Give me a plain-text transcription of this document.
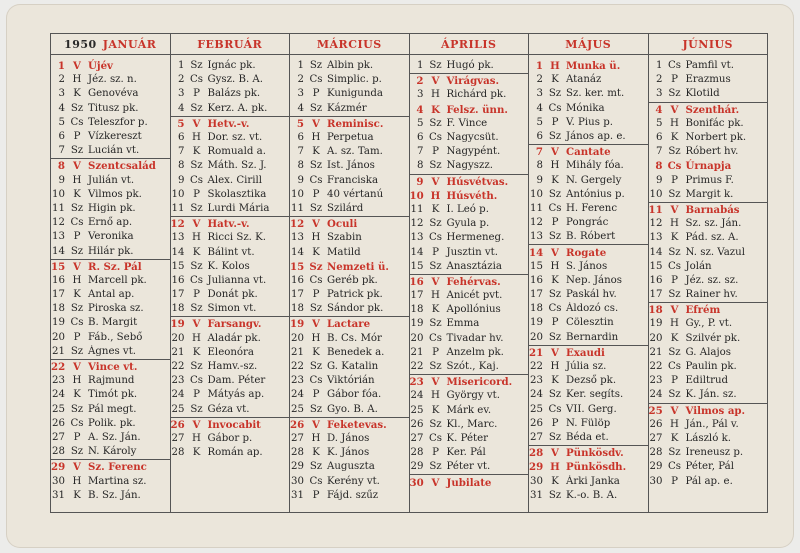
1950 JANUÁR
1 V Újév
2 H Jéz. sz. n.
3 K Genovéva
4 Sz Titusz pk.
5 Cs Teleszfor p.
6 P Vízkereszt
7 Sz Lucián vt.
8 V Szentcsalád
9 H Julián vt.
10 K Vilmos pk.
11 Sz Higin pk.
12 Cs Ernő ap.
13 P Veronika
14 Sz Hilár pk.
15 V R. Sz. Pál
16 H Marcell pk.
17 K Antal ap.
18 Sz Piroska sz.
19 Cs B. Margit
20 P Fáb., Sebő
21 Sz Ágnes vt.
22 V Vince vt.
23 H Rajmund
24 K Timót pk.
25 Sz Pál megt.
26 Cs Polik. pk.
27 P A. Sz. Ján.
28 Sz N. Károly
29 V Sz. Ferenc
30 H Martina sz.
31 K B. Sz. Ján.
FEBRUÁR
1 Sz Ignác pk.
2 Cs Gysz. B. A.
3 P Balázs pk.
4 Sz Kerz. A. pk.
5 V Hetv.-v.
6 H Dor. sz. vt.
7 K Romuald a.
8 Sz Máth. Sz. J.
9 Cs Alex. Cirill
10 P Skolasztika
11 Sz Lurdi Mária
12 V Hatv.-v.
13 H Ricci Sz. K.
14 K Bálint vt.
15 Sz K. Kolos
16 Cs Julianna vt.
17 P Donát pk.
18 Sz Simon vt.
19 V Farsangv.
20 H Aladár pk.
21 K Eleonóra
22 Sz Hamv.-sz.
23 Cs Dam. Péter
24 P Mátyás ap.
25 Sz Géza vt.
26 V Invocabit
27 H Gábor p.
28 K Román ap.
MÁRCIUS
1 Sz Albin pk.
2 Cs Simplic. p.
3 P Kunigunda
4 Sz Kázmér
5 V Reminisc.
6 H Perpetua
7 K A. sz. Tam.
8 Sz Ist. János
9 Cs Franciska
10 P 40 vértanú
11 Sz Szilárd
12 V Oculi
13 H Szabin
14 K Matild
15 Sz Nemzeti ü.
16 Cs Geréb pk.
17 P Patrick pk.
18 Sz Sándor pk.
19 V Lactare
20 H B. Cs. Mór
21 K Benedek a.
22 Sz G. Katalin
23 Cs Viktórián
24 P Gábor fóa.
25 Sz Gyo. B. A.
26 V Feketevas.
27 H D. János
28 K K. János
29 Sz Auguszta
30 Cs Kerény vt.
31 P Fájd. szűz
ÁPRILIS
1 Sz Hugó pk.
2 V Virágvas.
3 H Richárd pk.
4 K Felsz. ünn.
5 Sz F. Vince
6 Cs Nagycsüt.
7 P Nagypént.
8 Sz Nagyszz.
9 V Húsvétvas.
10 H Húsvéth.
11 K I. Leó p.
12 Sz Gyula p.
13 Cs Hermeneg.
14 P Jusztin vt.
15 Sz Anasztázia
16 V Fehérvas.
17 H Anicét pvt.
18 K Apollónius
19 Sz Emma
20 Cs Tivadar hv.
21 P Anzelm pk.
22 Sz Szót., Kaj.
23 V Misericord.
24 H György vt.
25 K Márk ev.
26 Sz Kl., Marc.
27 Cs K. Péter
28 P Ker. Pál
29 Sz Péter vt.
30 V Jubilate
MÁJUS
1 H Munka ü.
2 K Atanáz
3 Sz Sz. ker. mt.
4 Cs Mónika
5 P V. Pius p.
6 Sz János ap. e.
7 V Cantate
8 H Mihály fóa.
9 K N. Gergely
10 Sz Antónius p.
11 Cs H. Ferenc
12 P Pongrác
13 Sz B. Róbert
14 V Rogate
15 H S. János
16 K Nep. János
17 Sz Paskál hv.
18 Cs Áldozó cs.
19 P Cölesztin
20 Sz Bernardin
21 V Exaudi
22 H Júlia sz.
23 K Dezső pk.
24 Sz Ker. segíts.
25 Cs VII. Gerg.
26 P N. Fülöp
27 Sz Béda et.
28 V Pünkösdv.
29 H Pünkösdh.
30 K Árki Janka
31 Sz K.-o. B. A.
JÚNIUS
1 Cs Pamfil vt.
2 P Erazmus
3 Sz Klotild
4 V Szenthár.
5 H Bonifác pk.
6 K Norbert pk.
7 Sz Róbert hv.
8 Cs Úrnapja
9 P Primus F.
10 Sz Margit k.
11 V Barnabás
12 H Sz. sz. Ján.
13 K Pád. sz. A.
14 Sz N. sz. Vazul
15 Cs Jolán
16 P Jéz. sz. sz.
17 Sz Rainer hv.
18 V Efrém
19 H Gy., P. vt.
20 K Szilvér pk.
21 Sz G. Alajos
22 Cs Paulin pk.
23 P Ediltrud
24 Sz K. Ján. sz.
25 V Vilmos ap.
26 H Ján., Pál v.
27 K László k.
28 Sz Ireneusz p.
29 Cs Péter, Pál
30 P Pál ap. e.
